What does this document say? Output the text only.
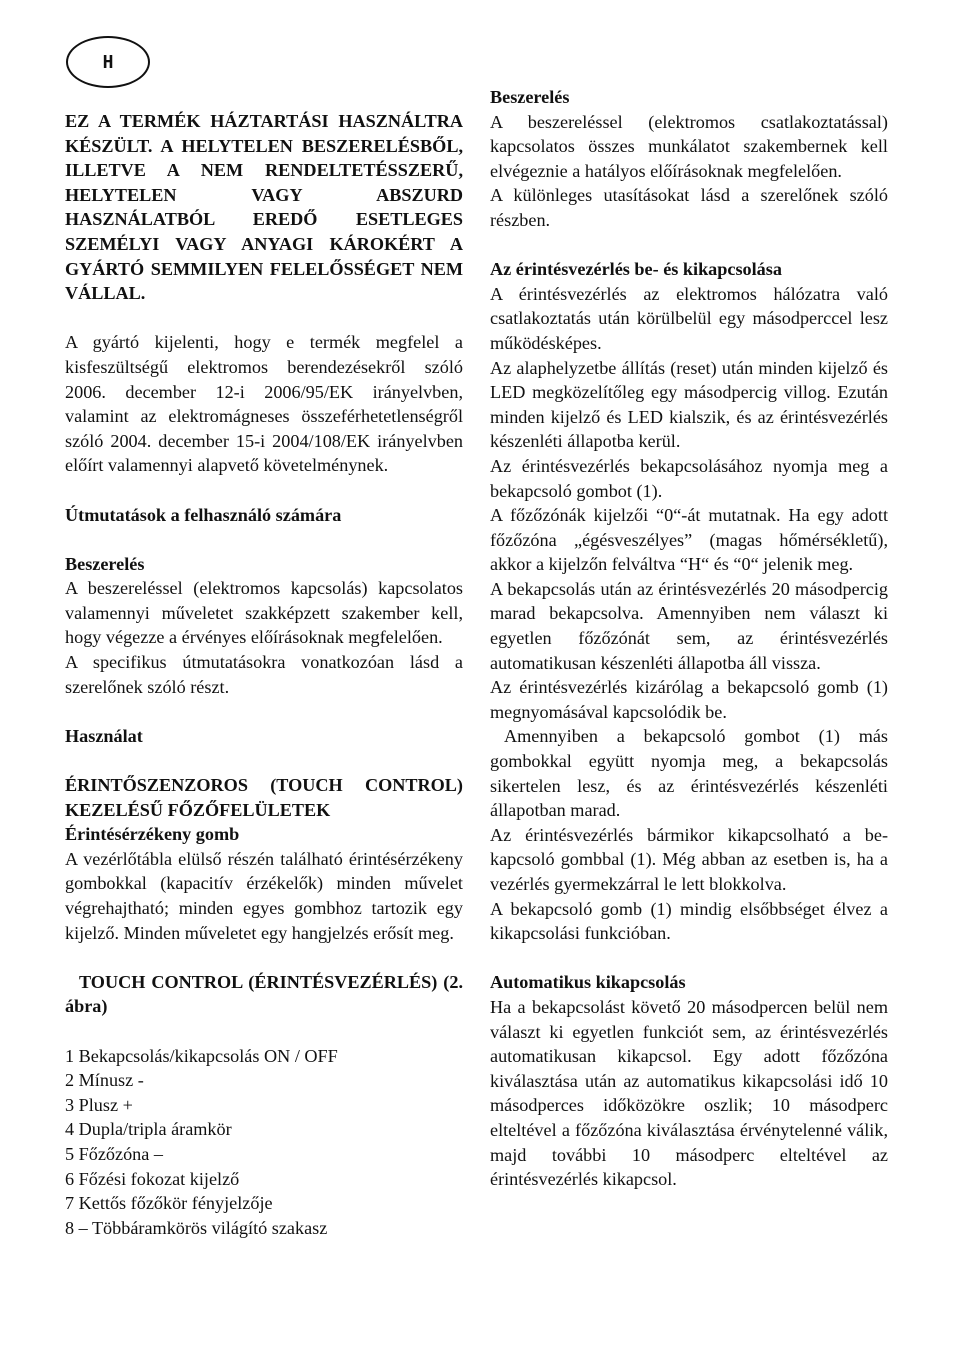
H

EZ A TERMÉK HÁZTARTÁSI HASZNÁLTRA KÉSZÜLT. A HELYTELEN BESZERELÉSBŐL, ILLETVE A NEM RENDELTETÉSSZERŰ, HELYTELEN VAGY ABSZURD HASZNÁLATBÓL EREDŐ ESETLEGES SZEMÉLYI VAGY ANYAGI KÁROKÉRT A GYÁRTÓ SEMMILYEN FELELŐSSÉGET NEM VÁLLAL.

A gyártó kijelenti, hogy e termék megfelel a kisfeszültségű elektromos berendezésekről szóló 2006. december 12-i 2006/95/EK irányelvben, valamint az elektromágneses összeférhetetlenségről szóló 2004. december 15-i 2004/108/EK irányelvben előírt valamennyi alapvető követelménynek.

Útmutatások a felhasználó számára

Beszerelés

A beszereléssel (elektromos kapcsolás) kapcsolatos valamennyi műveletet szakképzett szakember kell, hogy végezze a érvényes előírásoknak megfelelően.

A specifikus útmutatásokra vonatkozóan lásd a szerelőnek szóló részt.

Használat

ÉRINTŐSZENZOROS (TOUCH CONTROL) KEZELÉSŰ FŐZŐFELÜLETEK

Érintésérzékeny gomb

A vezérlőtábla elülső részén található érintésérzékeny gombokkal (kapacitív érzékelők) minden művelet végrehajtható; minden egyes gombhoz tartozik egy kijelző. Minden műveletet egy hangjelzés erősít meg.

TOUCH CONTROL (ÉRINTÉSVEZÉRLÉS) (2. ábra)

1 Bekapcsolás/kikapcsolás ON / OFF
2 Mínusz -
3 Plusz +
4 Dupla/tripla áramkör
5 Főzőzóna –
6 Főzési fokozat kijelző
7 Kettős főzőkör fényjelzője
8 – Többáramkörös világító szakasz

Beszerelés

A beszereléssel (elektromos csatlakoztatással) kapcsolatos összes munkálatot szakembernek kell elvégeznie a hatályos előírásoknak megfelelően.

A különleges utasításokat lásd a szerelőnek szóló részben.

Az érintésvezérlés be- és kikapcsolása

A érintésvezérlés az elektromos hálózatra való csatlakoztatás után körülbelül egy másodperccel lesz működésképes.

Az alaphelyzetbe állítás (reset) után minden kijelző és LED megközelítőleg egy másodpercig villog. Ezután minden kijelző és LED kialszik, és az érintésvezérlés készenléti állapotba kerül.

Az érintésvezérlés bekapcsolásához nyomja meg a bekapcsoló gombot (1).

A főzőzónák kijelzői “0“-át mutatnak. Ha egy adott főzőzóna „égésveszélyes” (magas hőmérsékletű), akkor a kijelzőn felváltva “H“ és “0“ jelenik meg.

A bekapcsolás után az érintésvezérlés 20 másodpercig marad bekapcsolva. Amennyiben nem választ ki egyetlen főzőzónát sem, az érintésvezérlés automatikusan készenléti állapotba áll vissza.

Az érintésvezérlés kizárólag a bekapcsoló gomb (1) megnyomásával kapcsolódik be.

Amennyiben a bekapcsoló gombot (1) más gombokkal együtt nyomja meg, a bekapcsolás sikertelen lesz, és az érintésvezérlés készenléti állapotban marad.

Az érintésvezérlés bármikor kikapcsolható a bekapcsoló gombbal (1). Még abban az esetben is, ha a vezérlés gyermekzárral le lett blokkolva.

A bekapcsoló gomb (1) mindig elsőbbséget élvez a kikapcsolási funkcióban.

Automatikus kikapcsolás

Ha a bekapcsolást követő 20 másodpercen belül nem választ ki egyetlen funkciót sem, az érintésvezérlés automatikusan kikapcsol. Egy adott főzőzóna kiválasztása után az automatikus kikapcsolási idő 10 másodperces időközökre oszlik; 10 másodperc elteltével a főzőzóna kiválasztása érvénytelenné válik, majd további 10 másodperc elteltével az érintésvezérlés kikapcsol.
